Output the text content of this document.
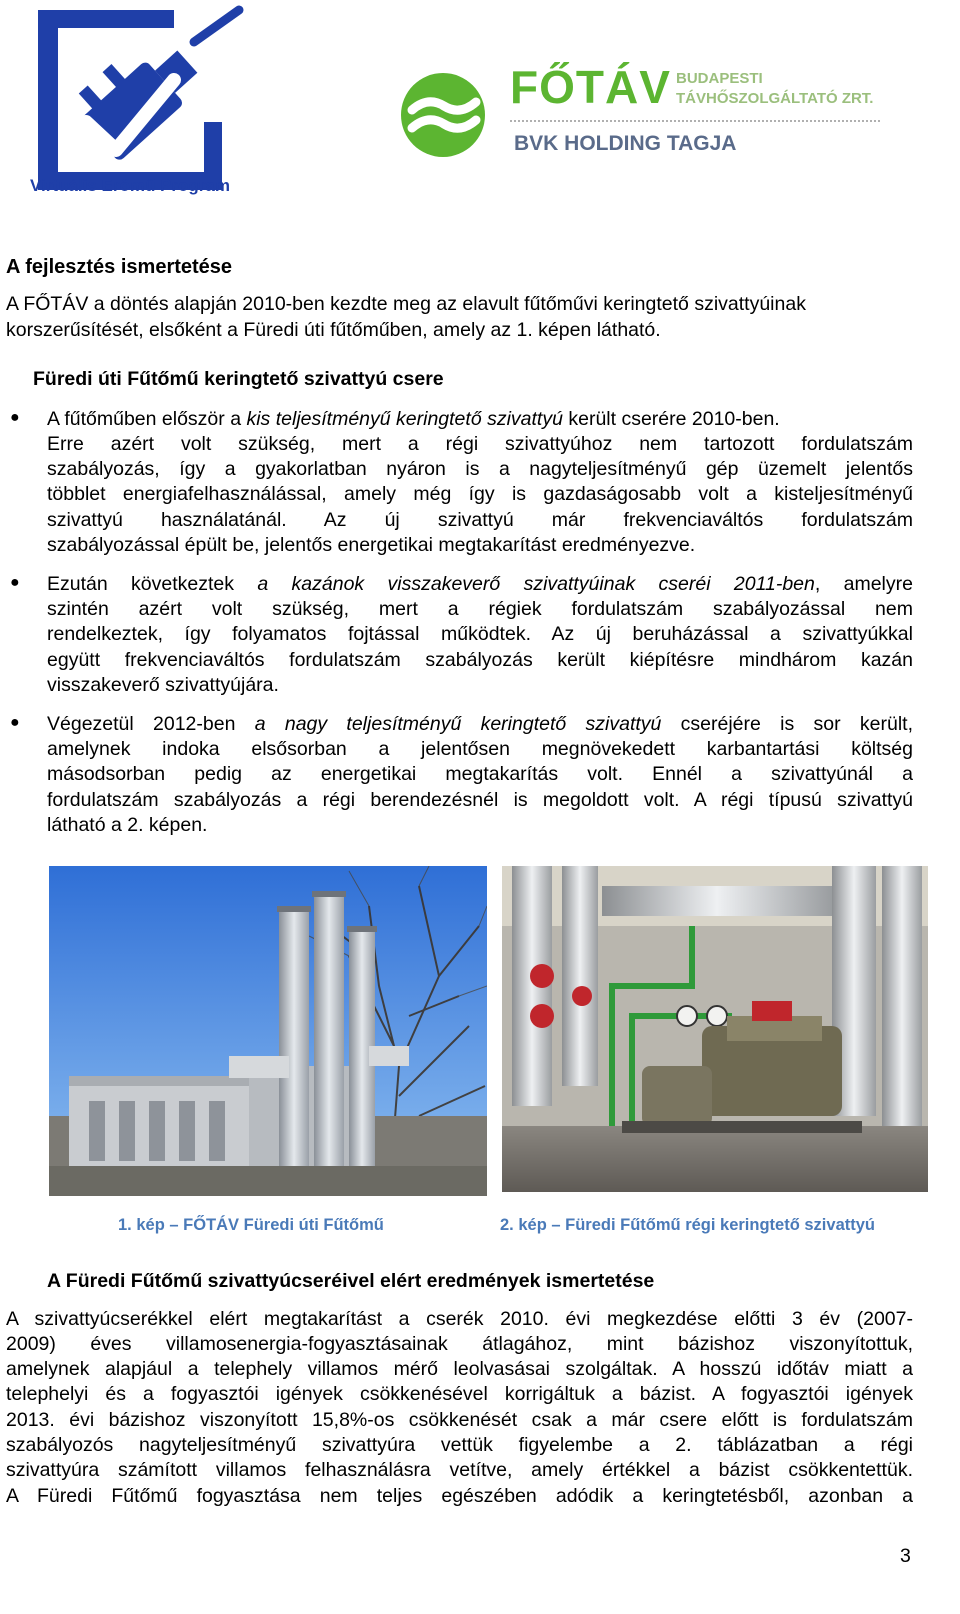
Virtuális Erőmű Program
FŐTÁV BUDAPESTI
TÁVHŐSZOLGÁLTATÓ ZRT.
BVK HOLDING TAGJA
A fejlesztés ismertetése
A FŐTÁV a döntés alapján 2010-ben kezdte meg az elavult fűtőművi keringtető szivattyúinak
korszerűsítését, elsőként a Füredi úti fűtőműben, amely az 1. képen látható.
Füredi úti Fűtőmű keringtető szivattyú csere
● A fűtőműben először a kis teljesítményű keringtető szivattyú került cserére 2010-ben.
Erre azért volt szükség, mert a régi szivattyúhoz nem tartozott fordulatszám
szabályozás, így a gyakorlatban nyáron is a nagyteljesítményű gép üzemelt jelentős
többlet energiafelhasználással, amely még így is gazdaságosabb volt a kisteljesítményű
szivattyú használatánál. Az új szivattyú már frekvenciaváltós fordulatszám
szabályozással épült be, jelentős energetikai megtakarítást eredményezve.
● Ezután következtek a kazánok visszakeverő szivattyúinak cseréi 2011-ben, amelyre
szintén azért volt szükség, mert a régiek fordulatszám szabályozással nem
rendelkeztek, így folyamatos fojtással működtek. Az új beruházással a szivattyúkkal
együtt frekvenciaváltós fordulatszám szabályozás került kiépítésre mindhárom kazán
visszakeverő szivattyújára.
● Végezetül 2012-ben a nagy teljesítményű keringtető szivattyú cseréjére is sor került,
amelynek indoka elsősorban a jelentősen megnövekedett karbantartási költség
másodsorban pedig az energetikai megtakarítás volt. Ennél a szivattyúnál a
fordulatszám szabályozás a régi berendezésnél is megoldott volt. A régi típusú szivattyú
látható a 2. képen.
1. kép – FŐTÁV Füredi úti Fűtőmű	2. kép – Füredi Fűtőmű régi keringtető szivattyú
A Füredi Fűtőmű szivattyúcseréivel elért eredmények ismertetése
A szivattyúcserékkel elért megtakarítást a cserék 2010. évi megkezdése előtti 3 év (2007-
2009) éves villamosenergia-fogyasztásainak átlagához, mint bázishoz viszonyítottuk,
amelynek alapjául a telephely villamos mérő leolvasásai szolgáltak. A hosszú időtáv miatt a
telephelyi és a fogyasztói igények csökkenésével korrigáltuk a bázist. A fogyasztói igények
2013. évi bázishoz viszonyított 15,8%-os csökkenését csak a már csere előtt is fordulatszám
szabályozós nagyteljesítményű szivattyúra vettük figyelembe a 2. táblázatban a régi
szivattyúra számított villamos felhasználásra vetítve, amely értékkel a bázist csökkentettük.
A Füredi Fűtőmű fogyasztása nem teljes egészében adódik a keringtetésből, azonban a
3
